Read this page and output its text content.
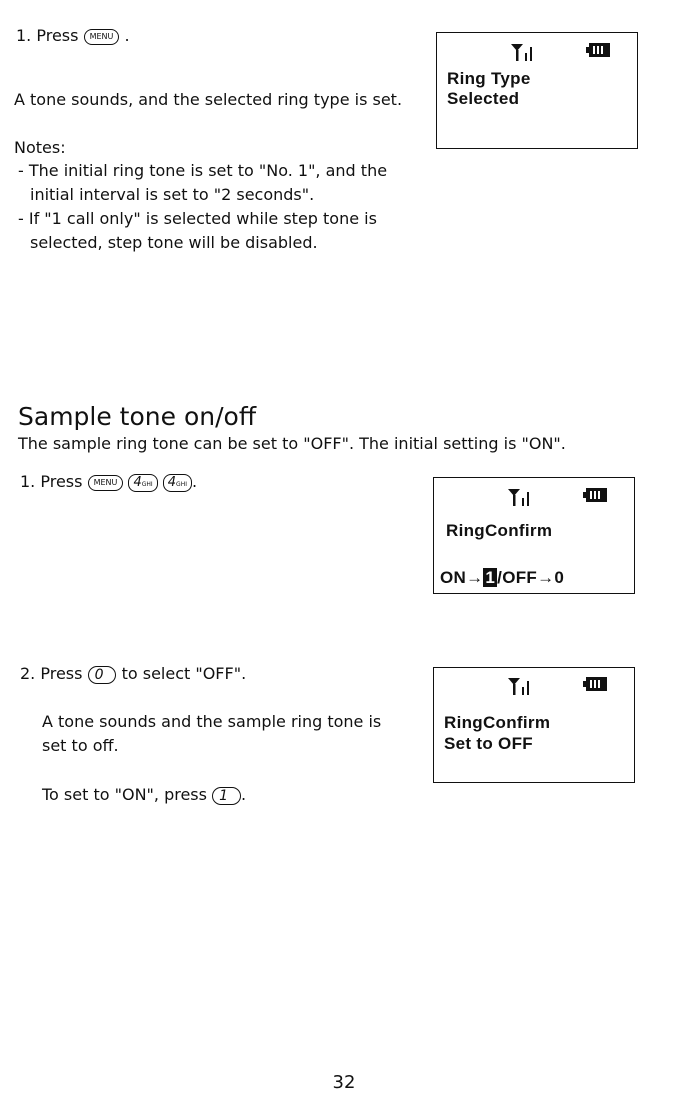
1. Press MENU .
A tone sounds, and the selected ring type is set.
Notes:
- The initial ring tone is set to "No. 1", and the
initial interval is set to "2 seconds".
- If "1 call only" is selected while step tone is
selected, step tone will be disabled.
Ring Type
Selected
Sample tone on/off
The sample ring tone can be set to "OFF". The initial setting is "ON".
1. Press MENU 4GHI 4GHI .
RingConfirm
ON→ 1 /OFF→0
2. Press 0 to select "OFF".
A tone sounds and the sample ring tone is
set to off.
To set to "ON", press 1 .
RingConfirm
Set to OFF
32
